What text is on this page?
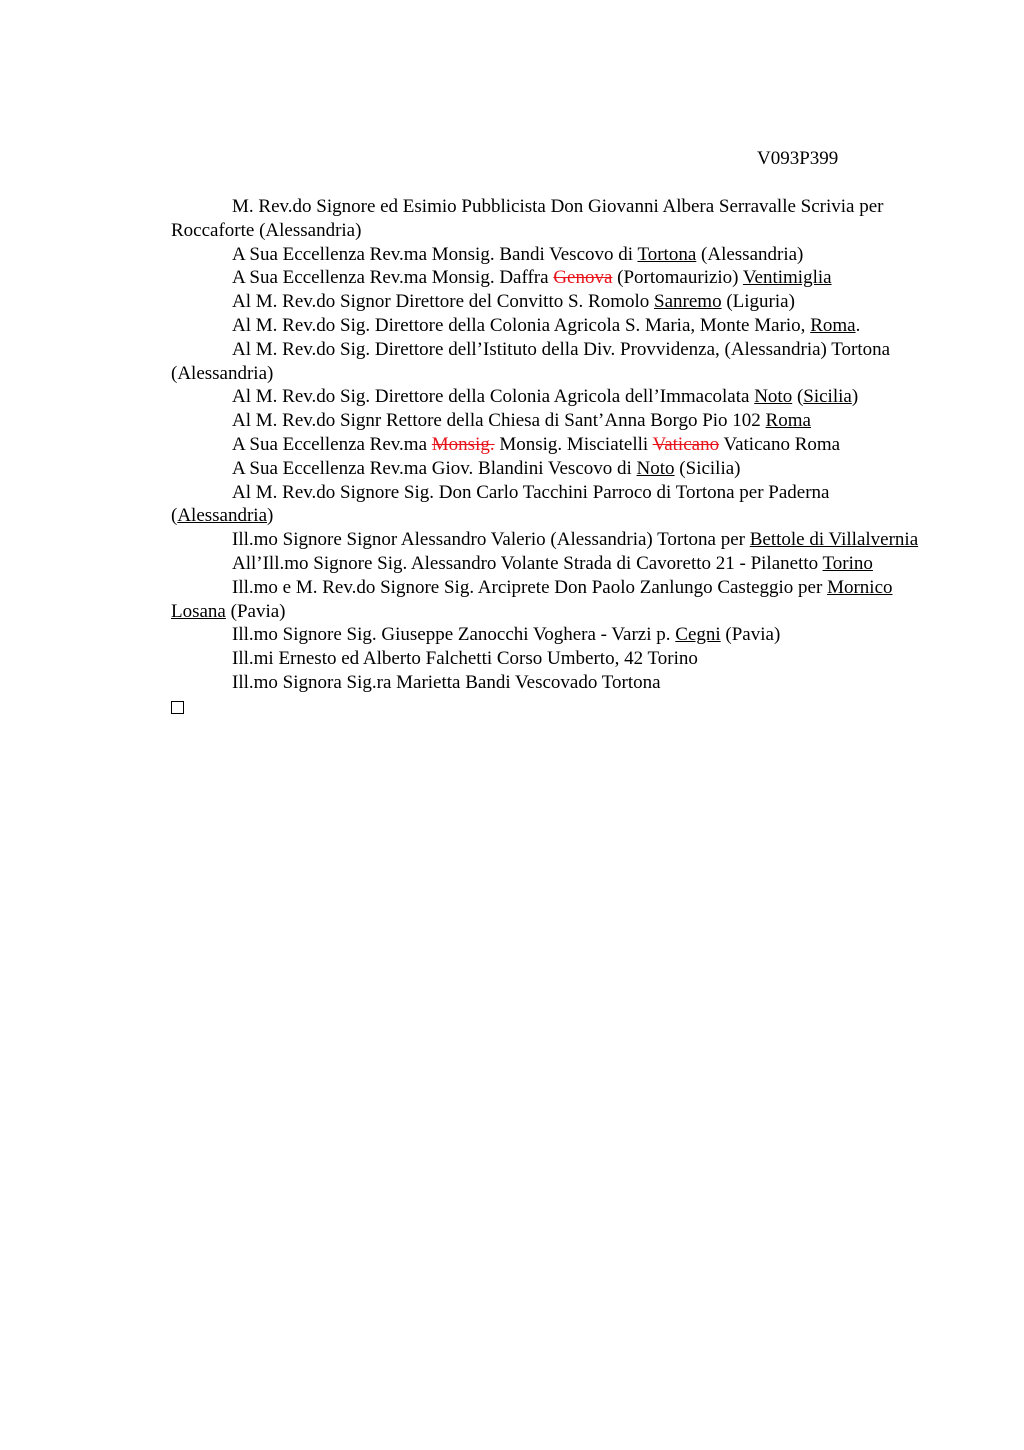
V093P399

M. Rev.do Signore ed Esimio Pubblicista Don Giovanni Albera Serravalle Scrivia per Roccaforte (Alessandria)

A Sua Eccellenza Rev.ma Monsig. Bandi Vescovo di Tortona (Alessandria)

A Sua Eccellenza Rev.ma Monsig. Daffra Genova (Portomaurizio) Ventimiglia

Al M. Rev.do Signor Direttore del Convitto S. Romolo Sanremo (Liguria)

Al M. Rev.do Sig. Direttore della Colonia Agricola S. Maria, Monte Mario, Roma.

Al M. Rev.do Sig. Direttore dell’Istituto della Div. Provvidenza, (Alessandria) Tortona (Alessandria)

Al M. Rev.do Sig. Direttore della Colonia Agricola dell’Immacolata Noto (Sicilia)

Al M. Rev.do Signr Rettore della Chiesa di Sant’Anna Borgo Pio 102 Roma

A Sua Eccellenza Rev.ma Monsig. Monsig. Misciatelli Vaticano Vaticano Roma

A Sua Eccellenza Rev.ma Giov. Blandini Vescovo di Noto (Sicilia)

Al M. Rev.do Signore Sig. Don Carlo Tacchini Parroco di Tortona per Paderna (Alessandria)

Ill.mo Signore Signor Alessandro Valerio (Alessandria) Tortona per Bettole di Villalvernia

All’Ill.mo Signore Sig. Alessandro Volante Strada di Cavoretto 21 - Pilanetto Torino

Ill.mo e M. Rev.do Signore Sig. Arciprete Don Paolo Zanlungo Casteggio per Mornico Losana (Pavia)

Ill.mo Signore Sig. Giuseppe Zanocchi Voghera - Varzi p. Cegni (Pavia)

Ill.mi Ernesto ed Alberto Falchetti Corso Umberto, 42 Torino

Ill.mo Signora Sig.ra Marietta Bandi Vescovado Tortona
